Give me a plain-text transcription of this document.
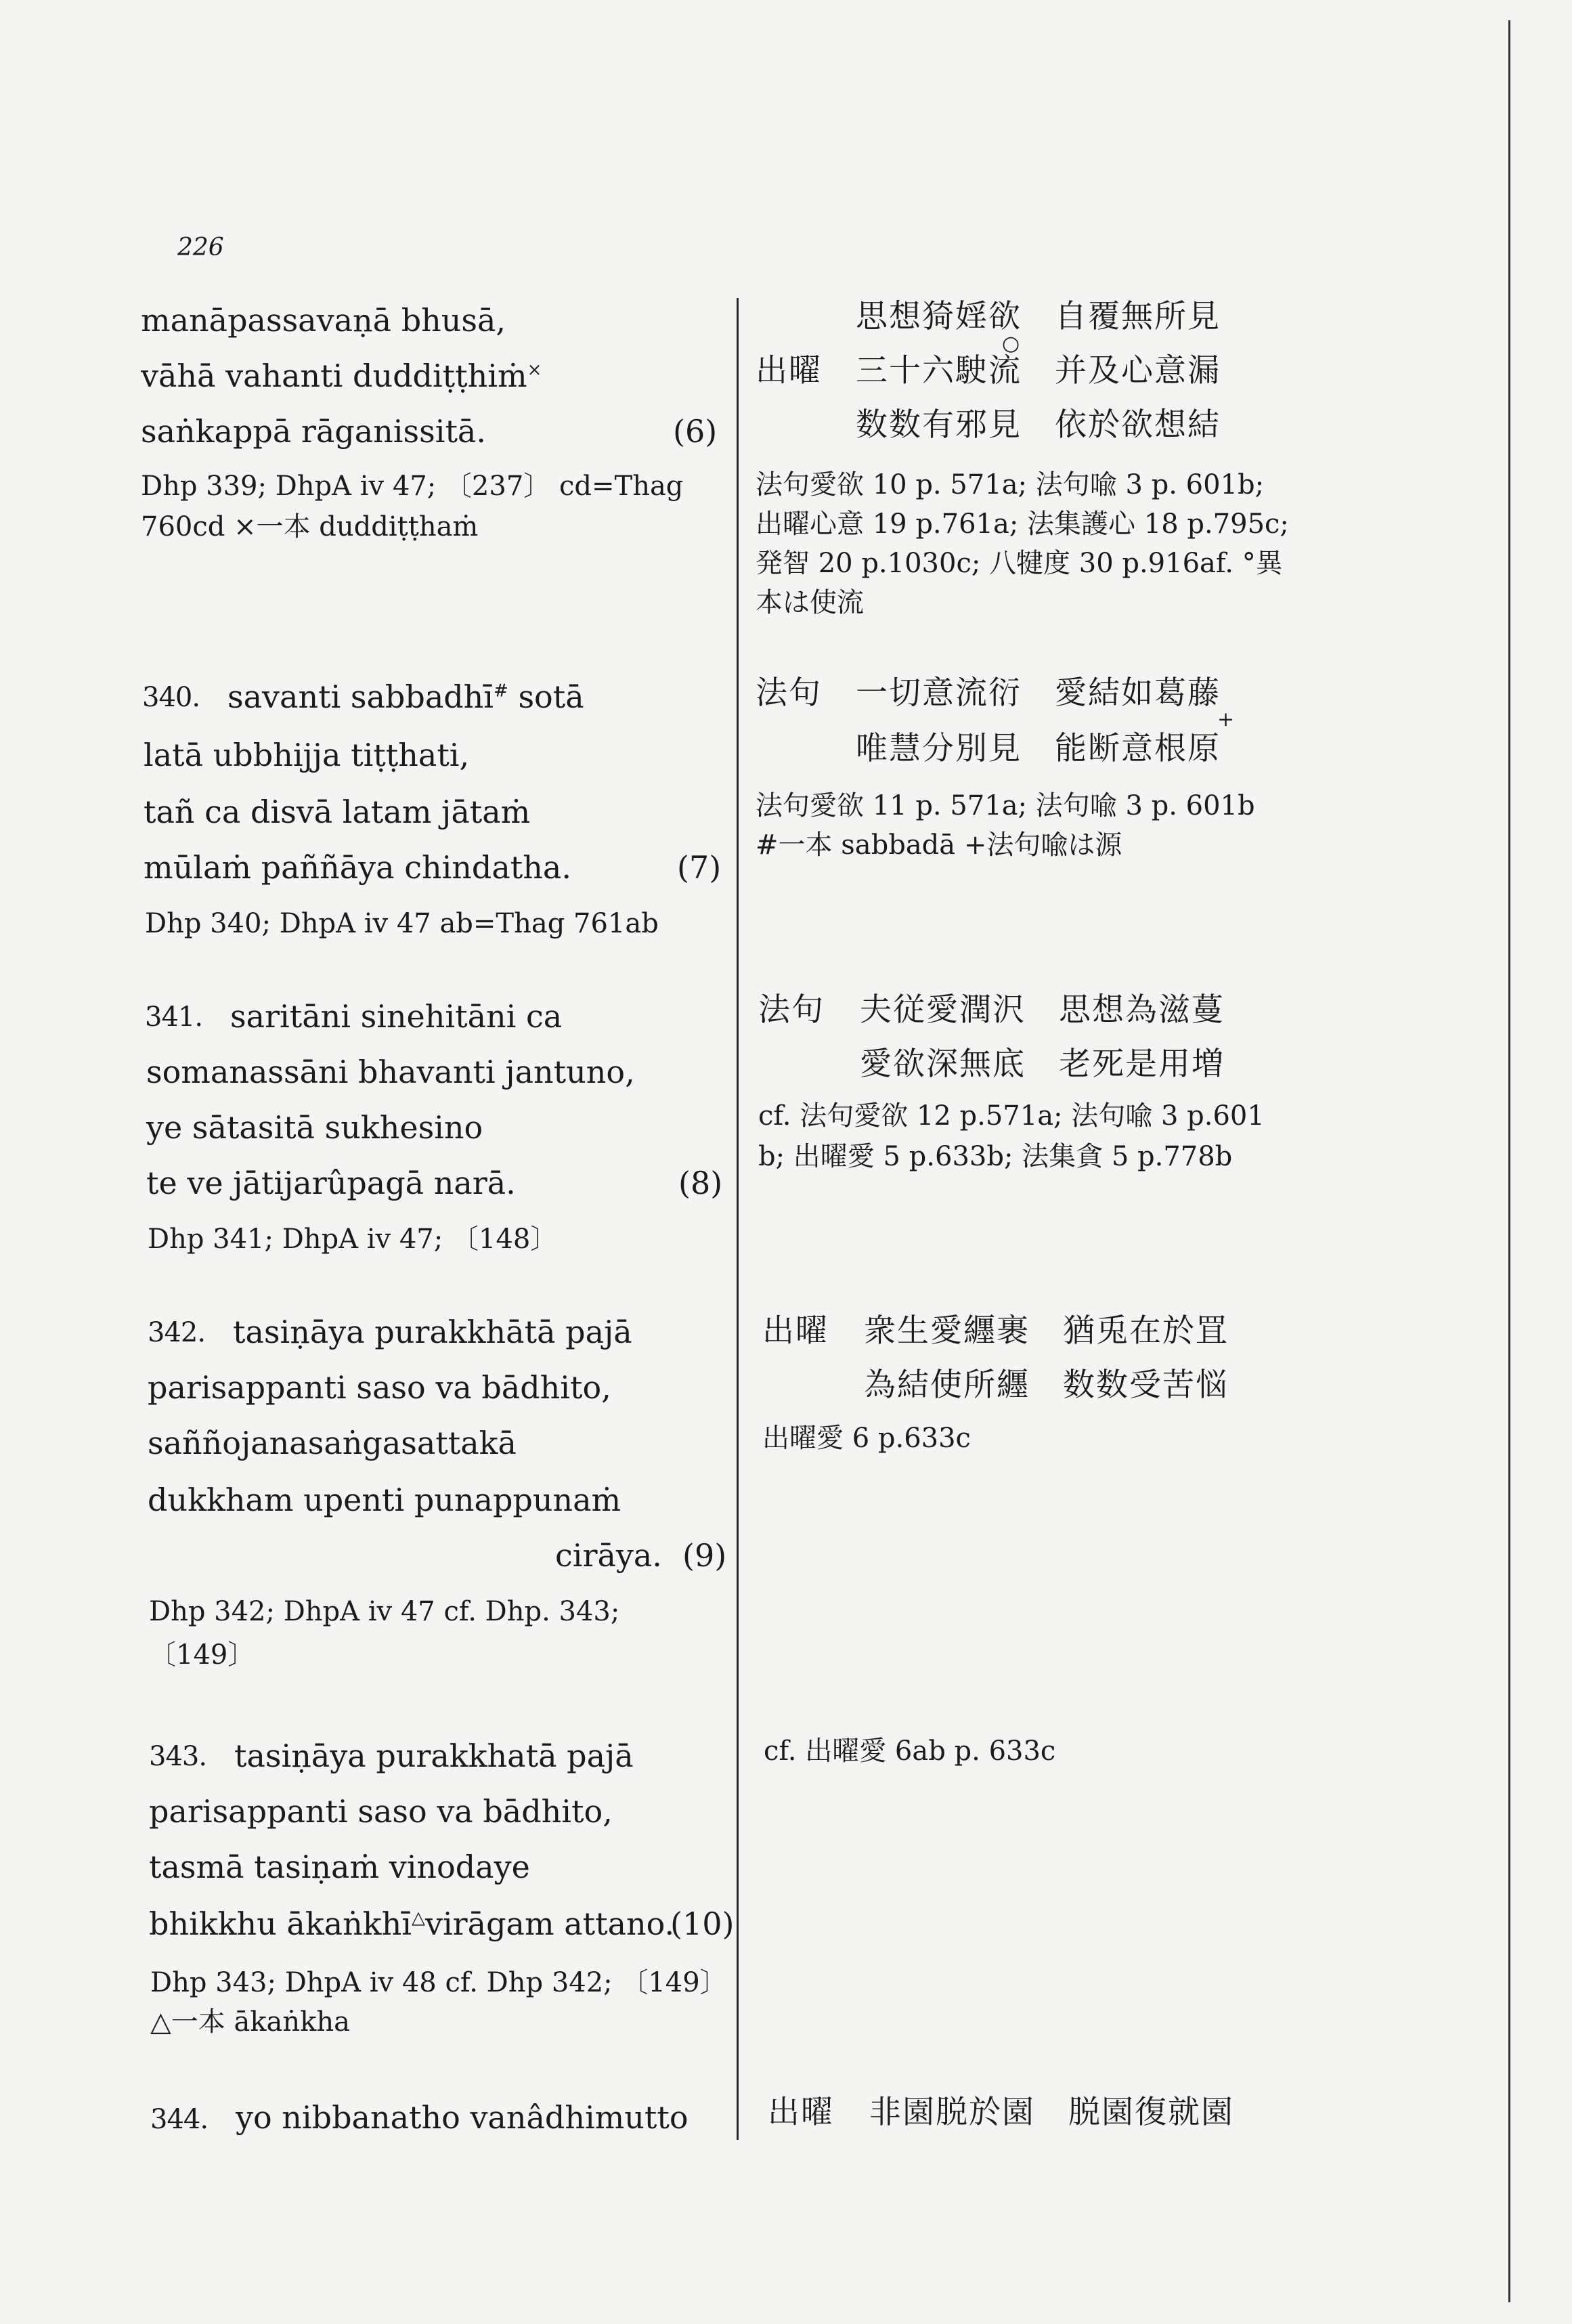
226
manāpassavaṇā bhusā,
vāhā vahanti duddiṭṭhiṁ×
saṅkappā rāganissitā.	(6)
Dhp 339; DhpA iv 47; 〔237〕 cd=Thag
760cd ×一本 duddiṭṭhaṁ
思想猗婬欲　自覆無所見
出曜
○
三十六駛流　并及心意漏
数数有邪見　依於欲想結
法句愛欲 10 p. 571a; 法句喩 3 p. 601b;
出曜心意 19 p.761a; 法集護心 18 p.795c;
発智 20 p.1030c; 八犍度 30 p.916af. °異
本は使流
340. savanti sabbadhī# sotā
latā ubbhijja tiṭṭhati,
tañ ca disvā latam jātaṁ
mūlaṁ paññāya chindatha.	(7)
Dhp 340; DhpA iv 47 ab=Thag 761ab
法句 一切意流衍　愛結如葛藤
+
唯慧分別見　能断意根原
法句愛欲 11 p. 571a; 法句喩 3 p. 601b
#一本 sabbadā +法句喩は源
341. saritāni sinehitāni ca
somanassāni bhavanti jantuno,
ye sātasitā sukhesino
te ve jātijarûpagā narā.	(8)
Dhp 341; DhpA iv 47; 〔148〕
法句 夫従愛潤沢　思想為滋蔓
愛欲深無底　老死是用増
cf. 法句愛欲 12 p.571a; 法句喩 3 p.601
b; 出曜愛 5 p.633b; 法集貪 5 p.778b
342. tasiṇāya purakkhātā pajā
parisappanti saso va bādhito,
saññojanasaṅgasattakā
dukkham upenti punappunaṁ
cirāya. (9)
Dhp 342; DhpA iv 47 cf. Dhp. 343;
〔149〕
出曜 衆生愛纒裹　猶兎在於罝
為結使所纒　数数受苦悩
出曜愛 6 p.633c
343. tasiṇāya purakkhatā pajā
parisappanti saso va bādhito,
tasmā tasiṇaṁ vinodaye
bhikkhu ākaṅkhī△virāgam attano.
(10)
Dhp 343; DhpA iv 48 cf. Dhp 342; 〔149〕
△一本 ākaṅkha
cf. 出曜愛 6ab p. 633c
344. yo nibbanatho vanâdhimutto 出曜 非園脱於園　脱園復就園
